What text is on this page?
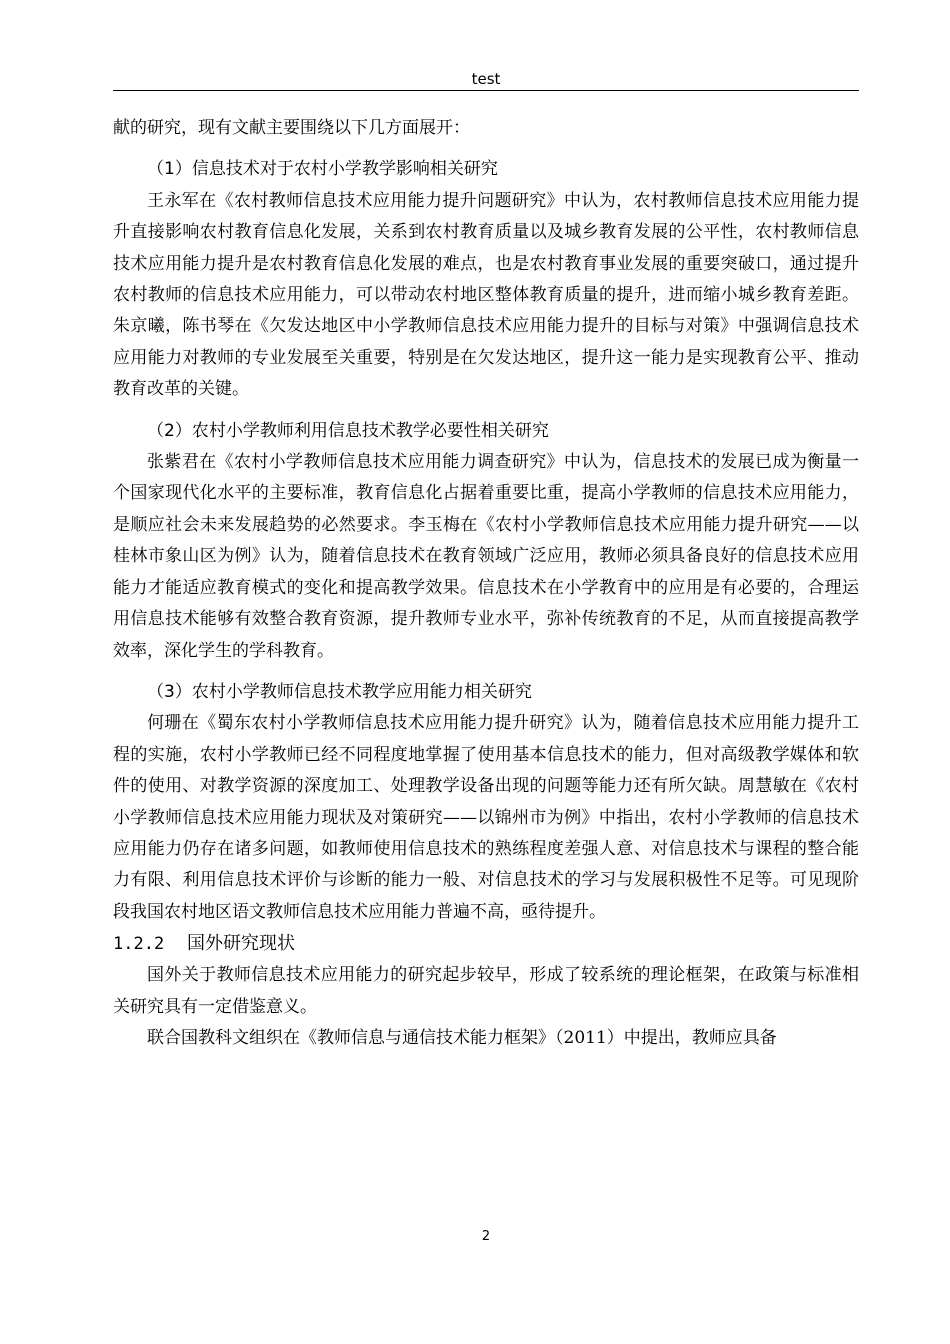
test

献的研究，现有文献主要围绕以下几方面展开：

（1）信息技术对于农村小学教学影响相关研究

王永军在《农村教师信息技术应用能力提升问题研究》中认为，农村教师信息技术应用能力提升直接影响农村教育信息化发展，关系到农村教育质量以及城乡教育发展的公平性，农村教师信息技术应用能力提升是农村教育信息化发展的难点，也是农村教育事业发展的重要突破口，通过提升农村教师的信息技术应用能力，可以带动农村地区整体教育质量的提升，进而缩小城乡教育差距。朱京曦，陈书琴在《欠发达地区中小学教师信息技术应用能力提升的目标与对策》中强调信息技术应用能力对教师的专业发展至关重要，特别是在欠发达地区，提升这一能力是实现教育公平、推动教育改革的关键。

（2）农村小学教师利用信息技术教学必要性相关研究

张紫君在《农村小学教师信息技术应用能力调查研究》中认为，信息技术的发展已成为衡量一个国家现代化水平的主要标准，教育信息化占据着重要比重，提高小学教师的信息技术应用能力，是顺应社会未来发展趋势的必然要求。李玉梅在《农村小学教师信息技术应用能力提升研究——以桂林市象山区为例》认为，随着信息技术在教育领域广泛应用，教师必须具备良好的信息技术应用能力才能适应教育模式的变化和提高教学效果。信息技术在小学教育中的应用是有必要的，合理运用信息技术能够有效整合教育资源，提升教师专业水平，弥补传统教育的不足，从而直接提高教学效率，深化学生的学科教育。

（3）农村小学教师信息技术教学应用能力相关研究

何珊在《蜀东农村小学教师信息技术应用能力提升研究》认为，随着信息技术应用能力提升工程的实施，农村小学教师已经不同程度地掌握了使用基本信息技术的能力，但对高级教学媒体和软件的使用、对教学资源的深度加工、处理教学设备出现的问题等能力还有所欠缺。周慧敏在《农村小学教师信息技术应用能力现状及对策研究——以锦州市为例》中指出，农村小学教师的信息技术应用能力仍存在诸多问题，如教师使用信息技术的熟练程度差强人意、对信息技术与课程的整合能力有限、利用信息技术评价与诊断的能力一般、对信息技术的学习与发展积极性不足等。可见现阶段我国农村地区语文教师信息技术应用能力普遍不高，亟待提升。

1.2.2 国外研究现状

国外关于教师信息技术应用能力的研究起步较早，形成了较系统的理论框架，在政策与标准相关研究具有一定借鉴意义。

联合国教科文组织在《教师信息与通信技术能力框架》（2011）中提出，教师应具备

2
